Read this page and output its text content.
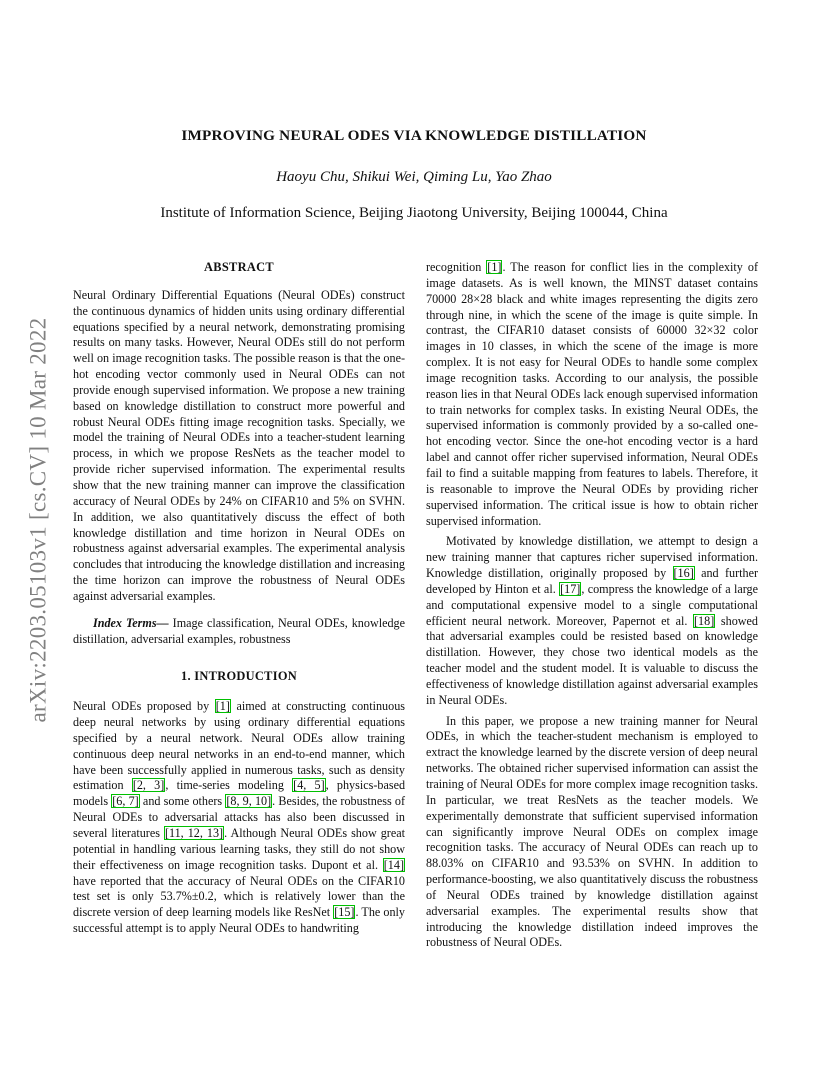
arXiv:2203.05103v1 [cs.CV] 10 Mar 2022
IMPROVING NEURAL ODES VIA KNOWLEDGE DISTILLATION
Haoyu Chu, Shikui Wei, Qiming Lu, Yao Zhao
Institute of Information Science, Beijing Jiaotong University, Beijing 100044, China
ABSTRACT

Neural Ordinary Differential Equations (Neural ODEs) construct the continuous dynamics of hidden units using ordinary differential equations specified by a neural network, demonstrating promising results on many tasks. However, Neural ODEs still do not perform well on image recognition tasks. The possible reason is that the one-hot encoding vector commonly used in Neural ODEs can not provide enough supervised information. We propose a new training based on knowledge distillation to construct more powerful and robust Neural ODEs fitting image recognition tasks. Specially, we model the training of Neural ODEs into a teacher-student learning process, in which we propose ResNets as the teacher model to provide richer supervised information. The experimental results show that the new training manner can improve the classification accuracy of Neural ODEs by 24% on CIFAR10 and 5% on SVHN. In addition, we also quantitatively discuss the effect of both knowledge distillation and time horizon in Neural ODEs on robustness against adversarial examples. The experimental analysis concludes that introducing the knowledge distillation and increasing the time horizon can improve the robustness of Neural ODEs against adversarial examples.

Index Terms— Image classification, Neural ODEs, knowledge distillation, adversarial examples, robustness

1. INTRODUCTION

Neural ODEs proposed by [1] aimed at constructing continuous deep neural networks by using ordinary differential equations specified by a neural network. Neural ODEs allow training continuous deep neural networks in an end-to-end manner, which have been successfully applied in numerous tasks, such as density estimation [2, 3], time-series modeling [4, 5], physics-based models [6, 7] and some others [8, 9, 10]. Besides, the robustness of Neural ODEs to adversarial attacks has also been discussed in several literatures [11, 12, 13]. Although Neural ODEs show great potential in handling various learning tasks, they still do not show their effectiveness on image recognition tasks. Dupont et al. [14] have reported that the accuracy of Neural ODEs on the CIFAR10 test set is only 53.7%±0.2, which is relatively lower than the discrete version of deep learning models like ResNet [15]. The only successful attempt is to apply Neural ODEs to handwriting

recognition [1]. The reason for conflict lies in the complexity of image datasets. As is well known, the MINST dataset contains 70000 28×28 black and white images representing the digits zero through nine, in which the scene of the image is quite simple. In contrast, the CIFAR10 dataset consists of 60000 32×32 color images in 10 classes, in which the scene of the image is more complex. It is not easy for Neural ODEs to handle some complex image recognition tasks. According to our analysis, the possible reason lies in that Neural ODEs lack enough supervised information to train networks for complex tasks. In existing Neural ODEs, the supervised information is commonly provided by a so-called one-hot encoding vector. Since the one-hot encoding vector is a hard label and cannot offer richer supervised information, Neural ODEs fail to find a suitable mapping from features to labels. Therefore, it is reasonable to improve the Neural ODEs by providing richer supervised information. The critical issue is how to obtain richer supervised information.

Motivated by knowledge distillation, we attempt to design a new training manner that captures richer supervised information. Knowledge distillation, originally proposed by [16] and further developed by Hinton et al. [17], compress the knowledge of a large and computational expensive model to a single computational efficient neural network. Moreover, Papernot et al. [18] showed that adversarial examples could be resisted based on knowledge distillation. However, they chose two identical models as the teacher model and the student model. It is valuable to discuss the effectiveness of knowledge distillation against adversarial examples in Neural ODEs.

In this paper, we propose a new training manner for Neural ODEs, in which the teacher-student mechanism is employed to extract the knowledge learned by the discrete version of deep neural networks. The obtained richer supervised information can assist the training of Neural ODEs for more complex image recognition tasks. In particular, we treat ResNets as the teacher models. We experimentally demonstrate that sufficient supervised information can significantly improve Neural ODEs on complex image recognition tasks. The accuracy of Neural ODEs can reach up to 88.03% on CIFAR10 and 93.53% on SVHN. In addition to performance-boosting, we also quantitatively discuss the robustness of Neural ODEs trained by knowledge distillation against adversarial examples. The experimental results show that introducing the knowledge distillation indeed improves the robustness of Neural ODEs.
